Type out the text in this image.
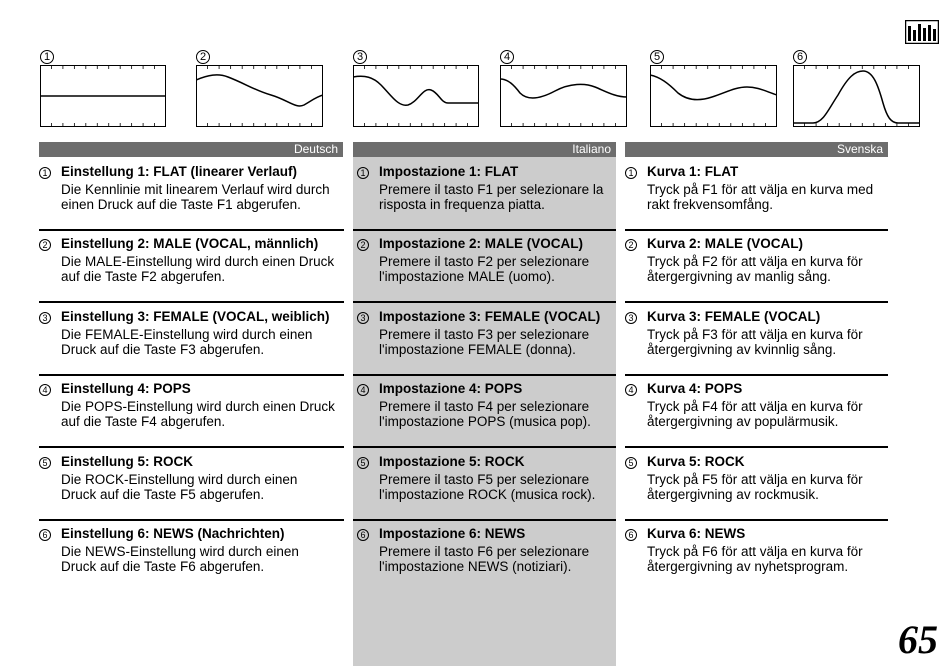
1	2	3	4	5	6
Deutsch	Italiano	Svenska
1 Einstellung 1: FLAT (linearer Verlauf)
Die Kennlinie mit linearem Verlauf wird durch
einen Druck auf die Taste F1 abgerufen.
2 Einstellung 2: MALE (VOCAL, männlich)
Die MALE-Einstellung wird durch einen Druck
auf die Taste F2 abgerufen.
3 Einstellung 3: FEMALE (VOCAL, weiblich)
Die FEMALE-Einstellung wird durch einen
Druck auf die Taste F3 abgerufen.
4 Einstellung 4: POPS
Die POPS-Einstellung wird durch einen Druck
auf die Taste F4 abgerufen.
5 Einstellung 5: ROCK
Die ROCK-Einstellung wird durch einen
Druck auf die Taste F5 abgerufen.
6 Einstellung 6: NEWS (Nachrichten)
Die NEWS-Einstellung wird durch einen
Druck auf die Taste F6 abgerufen.
1 Impostazione 1: FLAT
Premere il tasto F1 per selezionare la
risposta in frequenza piatta.
2 Impostazione 2: MALE (VOCAL)
Premere il tasto F2 per selezionare
l'impostazione MALE (uomo).
3 Impostazione 3: FEMALE (VOCAL)
Premere il tasto F3 per selezionare
l'impostazione FEMALE (donna).
4 Impostazione 4: POPS
Premere il tasto F4 per selezionare
l'impostazione POPS (musica pop).
5 Impostazione 5: ROCK
Premere il tasto F5 per selezionare
l'impostazione ROCK (musica rock).
6 Impostazione 6: NEWS
Premere il tasto F6 per selezionare
l'impostazione NEWS (notiziari).
1 Kurva 1: FLAT
Tryck på F1 för att välja en kurva med
rakt frekvensomfång.
2 Kurva 2: MALE (VOCAL)
Tryck på F2 för att välja en kurva för
återgergivning av manlig sång.
3 Kurva 3: FEMALE (VOCAL)
Tryck på F3 för att välja en kurva för
återgergivning av kvinnlig sång.
4 Kurva 4: POPS
Tryck på F4 för att välja en kurva för
återgergivning av populärmusik.
5 Kurva 5: ROCK
Tryck på F5 för att välja en kurva för
återgergivning av rockmusik.
6 Kurva 6: NEWS
Tryck på F6 för att välja en kurva för
återgergivning av nyhetsprogram.
65
